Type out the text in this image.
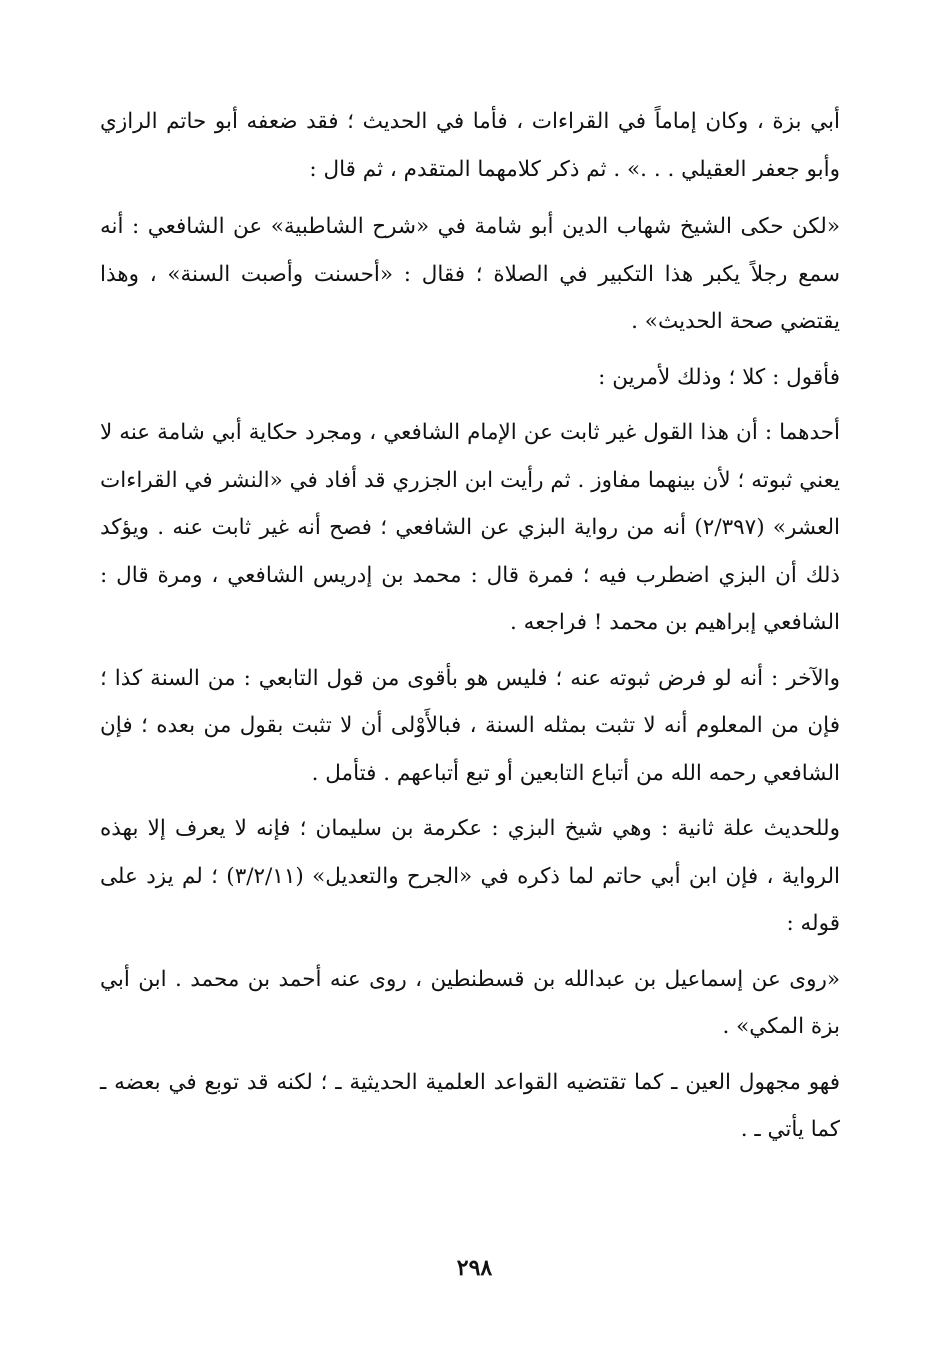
أبي بزة ، وكان إماماً في القراءات ، فأما في الحديث ؛ فقد ضعفه أبو حاتم الرازي وأبو جعفر العقيلي . . .» . ثم ذكر كلامهما المتقدم ، ثم قال :

«لكن حكى الشيخ شهاب الدين أبو شامة في «شرح الشاطبية» عن الشافعي : أنه سمع رجلاً يكبر هذا التكبير في الصلاة ؛ فقال : «أحسنت وأصبت السنة» ، وهذا يقتضي صحة الحديث» .

فأقول : كلا ؛ وذلك لأمرين :

أحدهما : أن هذا القول غير ثابت عن الإمام الشافعي ، ومجرد حكاية أبي شامة عنه لا يعني ثبوته ؛ لأن بينهما مفاوز . ثم رأيت ابن الجزري قد أفاد في «النشر في القراءات العشر» (٢/٣٩٧) أنه من رواية البزي عن الشافعي ؛ فصح أنه غير ثابت عنه . ويؤكد ذلك أن البزي اضطرب فيه ؛ فمرة قال : محمد بن إدريس الشافعي ، ومرة قال : الشافعي إبراهيم بن محمد ! فراجعه .

والآخر : أنه لو فرض ثبوته عنه ؛ فليس هو بأقوى من قول التابعي : من السنة كذا ؛ فإن من المعلوم أنه لا تثبت بمثله السنة ، فبالأَوْلى أن لا تثبت بقول من بعده ؛ فإن الشافعي رحمه الله من أتباع التابعين أو تبع أتباعهم . فتأمل .

وللحديث علة ثانية : وهي شيخ البزي : عكرمة بن سليمان ؛ فإنه لا يعرف إلا بهذه الرواية ، فإن ابن أبي حاتم لما ذكره في «الجرح والتعديل» (٣/٢/١١) ؛ لم يزد على قوله :

«روى عن إسماعيل بن عبدالله بن قسطنطين ، روى عنه أحمد بن محمد . ابن أبي بزة المكي» .

فهو مجهول العين ـ كما تقتضيه القواعد العلمية الحديثية ـ ؛ لكنه قد توبع في بعضه ـ كما يأتي ـ .

٢٩٨
